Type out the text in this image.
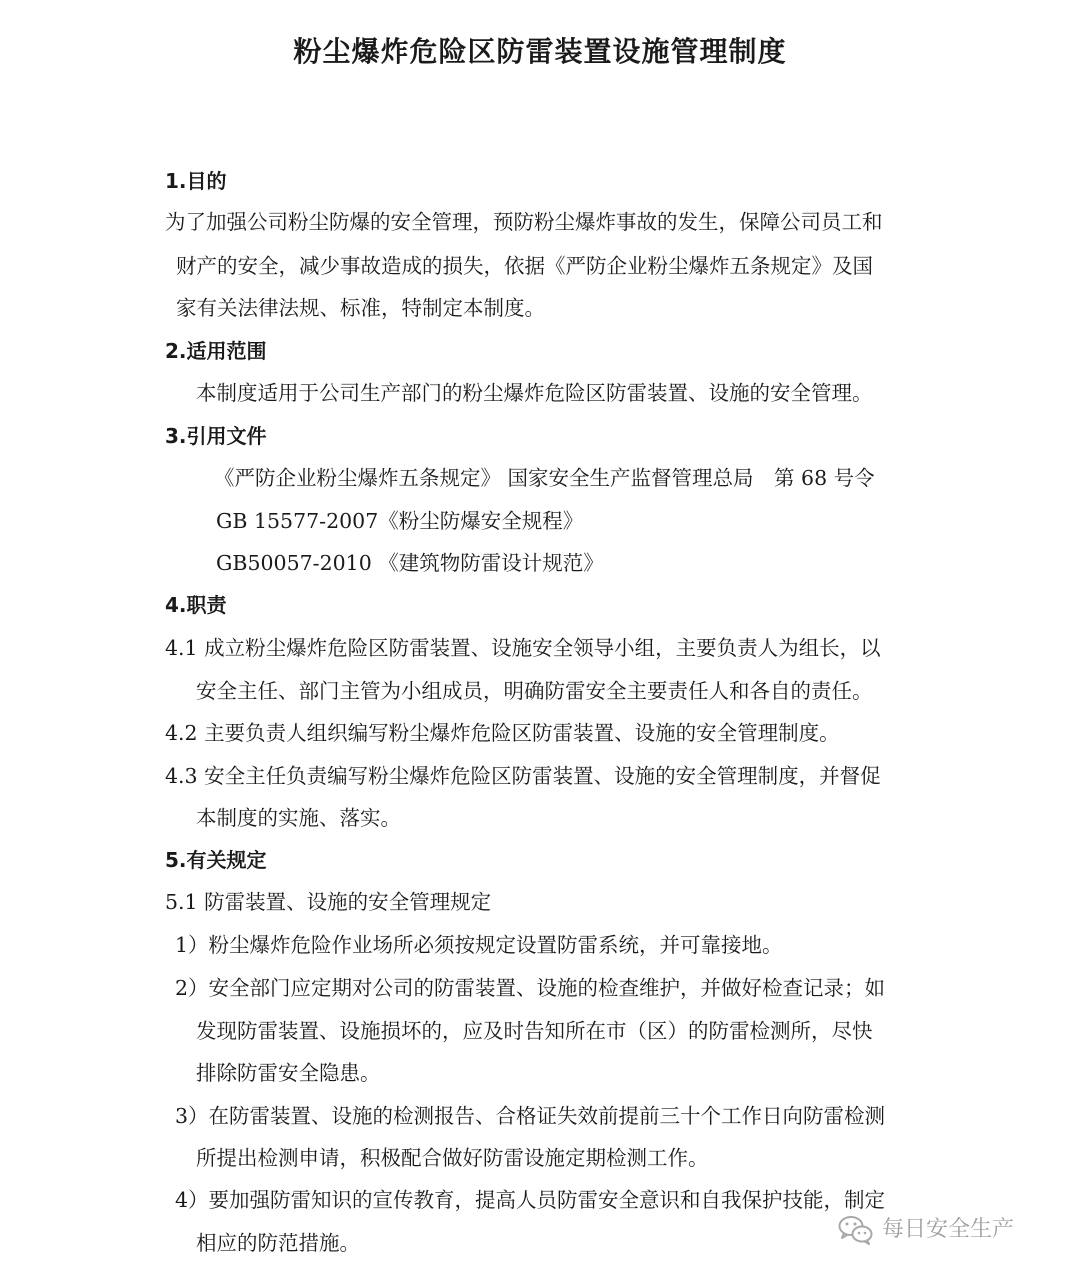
粉尘爆炸危险区防雷装置设施管理制度
1.目的
为了加强公司粉尘防爆的安全管理，预防粉尘爆炸事故的发生，保障公司员工和
财产的安全，减少事故造成的损失，依据《严防企业粉尘爆炸五条规定》及国
家有关法律法规、标准，特制定本制度。
2.适用范围
本制度适用于公司生产部门的粉尘爆炸危险区防雷装置、设施的安全管理。
3.引用文件
《严防企业粉尘爆炸五条规定》 国家安全生产监督管理总局　第 68 号令
GB 15577-2007《粉尘防爆安全规程》
GB50057-2010 《建筑物防雷设计规范》
4.职责
4.1 成立粉尘爆炸危险区防雷装置、设施安全领导小组，主要负责人为组长，以
安全主任、部门主管为小组成员，明确防雷安全主要责任人和各自的责任。
4.2 主要负责人组织编写粉尘爆炸危险区防雷装置、设施的安全管理制度。
4.3 安全主任负责编写粉尘爆炸危险区防雷装置、设施的安全管理制度，并督促
本制度的实施、落实。
5.有关规定
5.1 防雷装置、设施的安全管理规定
1）粉尘爆炸危险作业场所必须按规定设置防雷系统，并可靠接地。
2）安全部门应定期对公司的防雷装置、设施的检查维护，并做好检查记录；如
发现防雷装置、设施损坏的，应及时告知所在市（区）的防雷检测所，尽快
排除防雷安全隐患。
3）在防雷装置、设施的检测报告、合格证失效前提前三十个工作日向防雷检测
所提出检测申请，积极配合做好防雷设施定期检测工作。
4）要加强防雷知识的宣传教育，提高人员防雷安全意识和自我保护技能，制定
相应的防范措施。
每日安全生产
